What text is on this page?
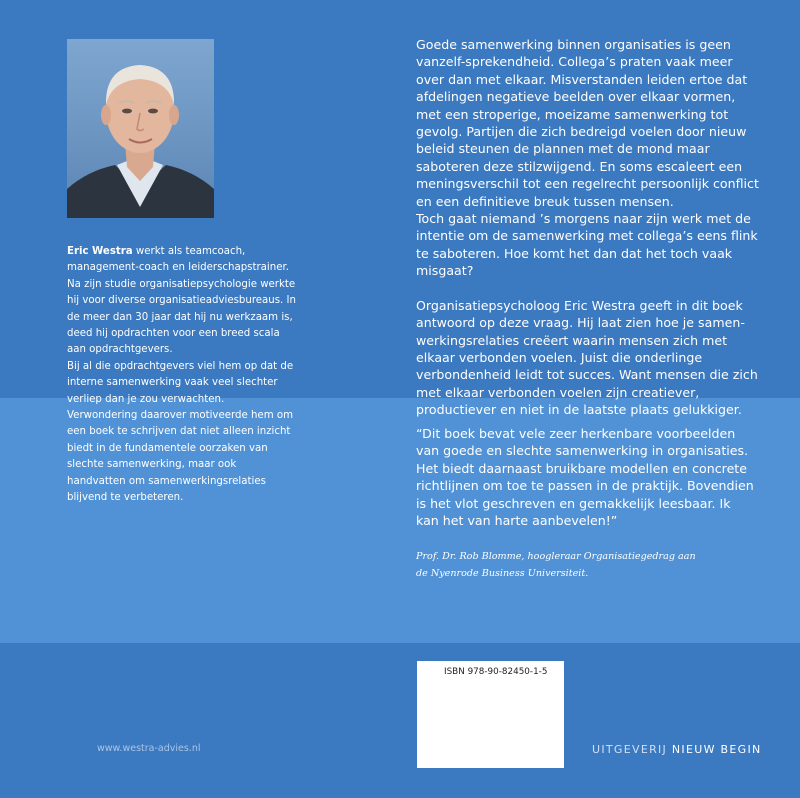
Eric Westra werkt als teamcoach, management-coach en leiderschapstrainer. Na zijn studie organisatiepsychologie werkte hij voor diverse organisatieadviesbureaus. In de meer dan 30 jaar dat hij nu werkzaam is, deed hij opdrachten voor een breed scala aan opdrachtgevers.

Bij al die opdrachtgevers viel hem op dat de interne samenwerking vaak veel slechter verliep dan je zou verwachten. Verwondering daarover motiveerde hem om een boek te schrijven dat niet alleen inzicht biedt in de fundamentele oorzaken van slechte samenwerking, maar ook handvatten om samenwerkingsrelaties blijvend te verbeteren.

Goede samenwerking binnen organisaties is geen vanzelf-sprekendheid. Collega’s praten vaak meer over dan met elkaar. Misverstanden leiden ertoe dat afdelingen negatieve beelden over elkaar vormen, met een stroperige, moeizame samenwerking tot gevolg. Partijen die zich bedreigd voelen door nieuw beleid steunen de plannen met de mond maar saboteren deze stilzwijgend. En soms escaleert een meningsverschil tot een regelrecht persoonlijk conflict en een definitieve breuk tussen mensen.
Toch gaat niemand ’s morgens naar zijn werk met de intentie om de samenwerking met collega’s eens flink te saboteren. Hoe komt het dan dat het toch vaak misgaat?

Organisatiepsycholoog Eric Westra geeft in dit boek antwoord op deze vraag. Hij laat zien hoe je samen-werkingsrelaties creëert waarin mensen zich met elkaar verbonden voelen. Juist die onderlinge verbondenheid leidt tot succes. Want mensen die zich met elkaar verbonden voelen zijn creatiever, productiever en niet in de laatste plaats gelukkiger.

“Dit boek bevat vele zeer herkenbare voorbeelden van goede en slechte samenwerking in organisaties. Het biedt daarnaast bruikbare modellen en concrete richtlijnen om toe te passen in de praktijk. Bovendien is het vlot geschreven en gemakkelijk leesbaar. Ik kan het van harte aanbevelen!”

Prof. Dr. Rob Blomme, hoogleraar Organisatiegedrag aan
de Nyenrode Business Universiteit.
ISBN 978-90-82450-1-5
www.westra-advies.nl	UITGEVERIJ NIEUW BEGIN
